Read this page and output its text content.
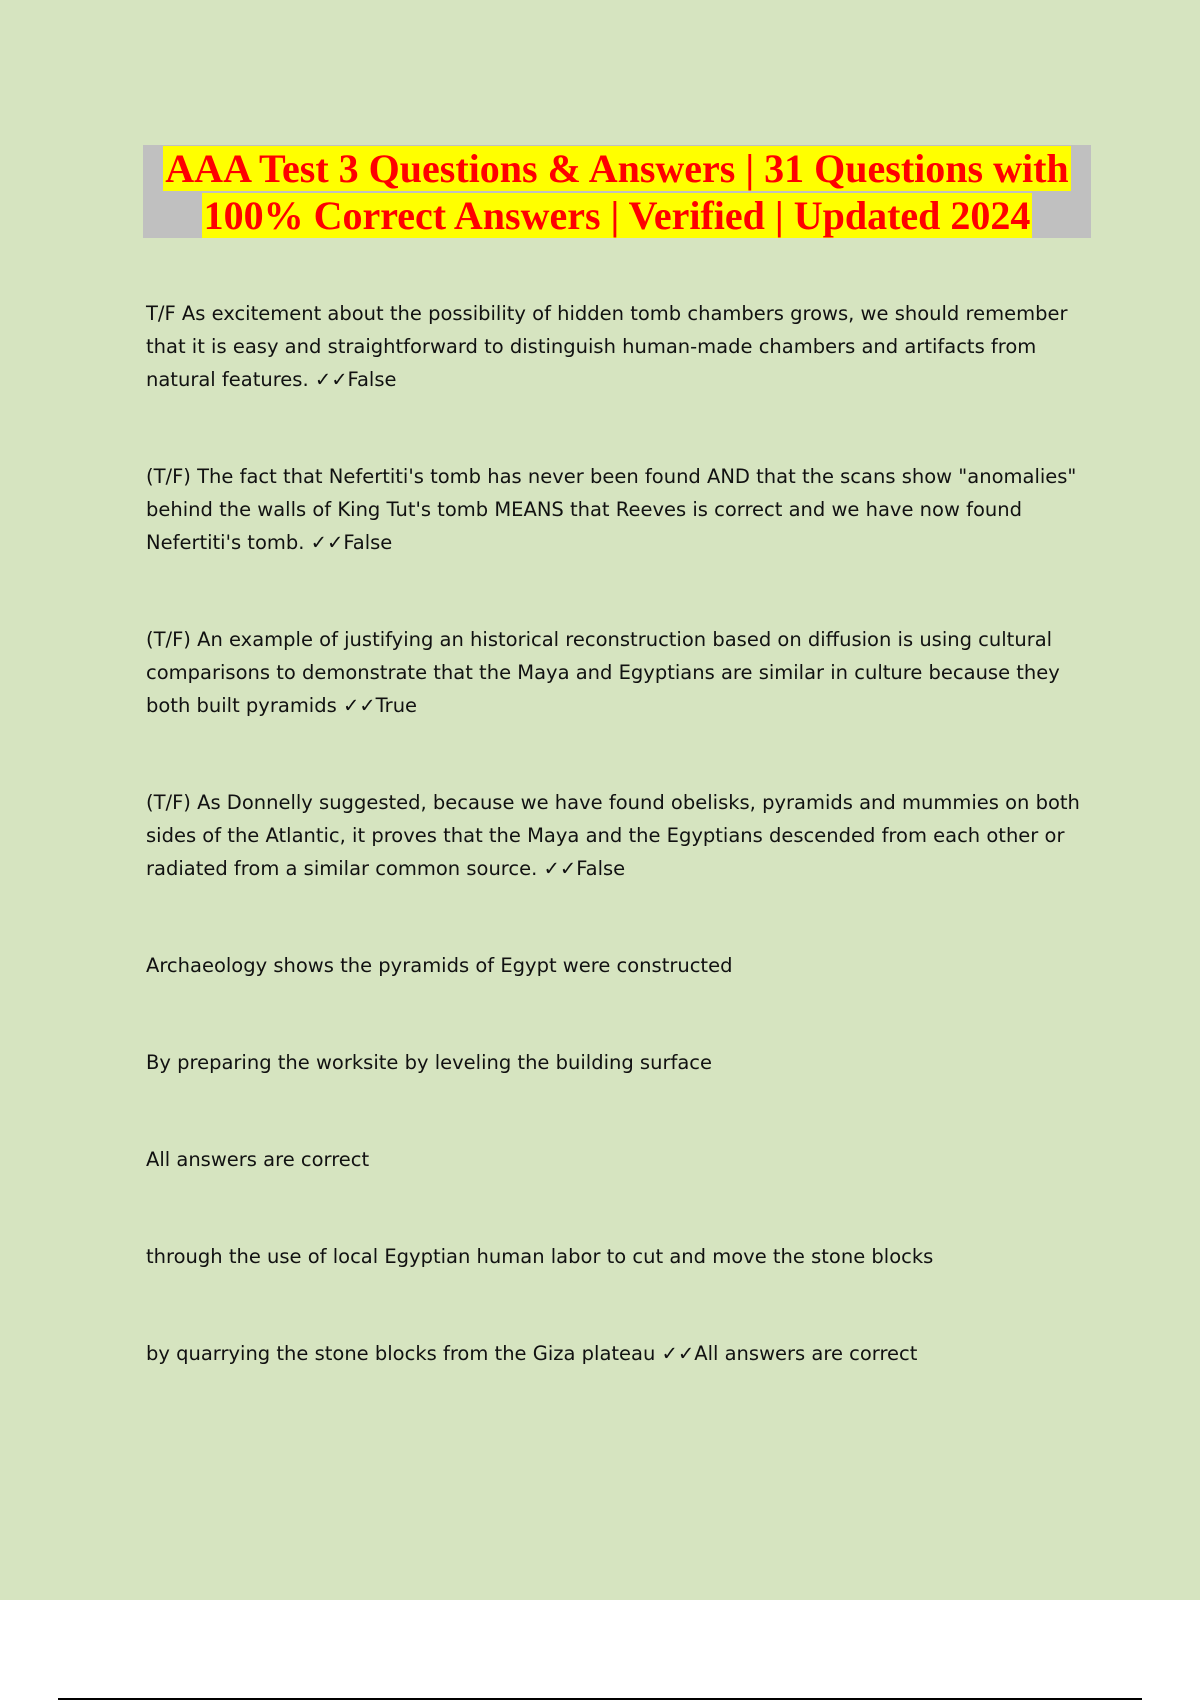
AAA Test 3 Questions & Answers | 31 Questions with
100% Correct Answers | Verified | Updated 2024

T/F As excitement about the possibility of hidden tomb chambers grows, we should remember that it is easy and straightforward to distinguish human-made chambers and artifacts from natural features. ✓✓False

(T/F) The fact that Nefertiti's tomb has never been found AND that the scans show "anomalies" behind the walls of King Tut's tomb MEANS that Reeves is correct and we have now found Nefertiti's tomb. ✓✓False

(T/F) An example of justifying an historical reconstruction based on diffusion is using cultural comparisons to demonstrate that the Maya and Egyptians are similar in culture because they both built pyramids ✓✓True

(T/F) As Donnelly suggested, because we have found obelisks, pyramids and mummies on both sides of the Atlantic, it proves that the Maya and the Egyptians descended from each other or radiated from a similar common source. ✓✓False

Archaeology shows the pyramids of Egypt were constructed

By preparing the worksite by leveling the building surface

All answers are correct

through the use of local Egyptian human labor to cut and move the stone blocks

by quarrying the stone blocks from the Giza plateau ✓✓All answers are correct
